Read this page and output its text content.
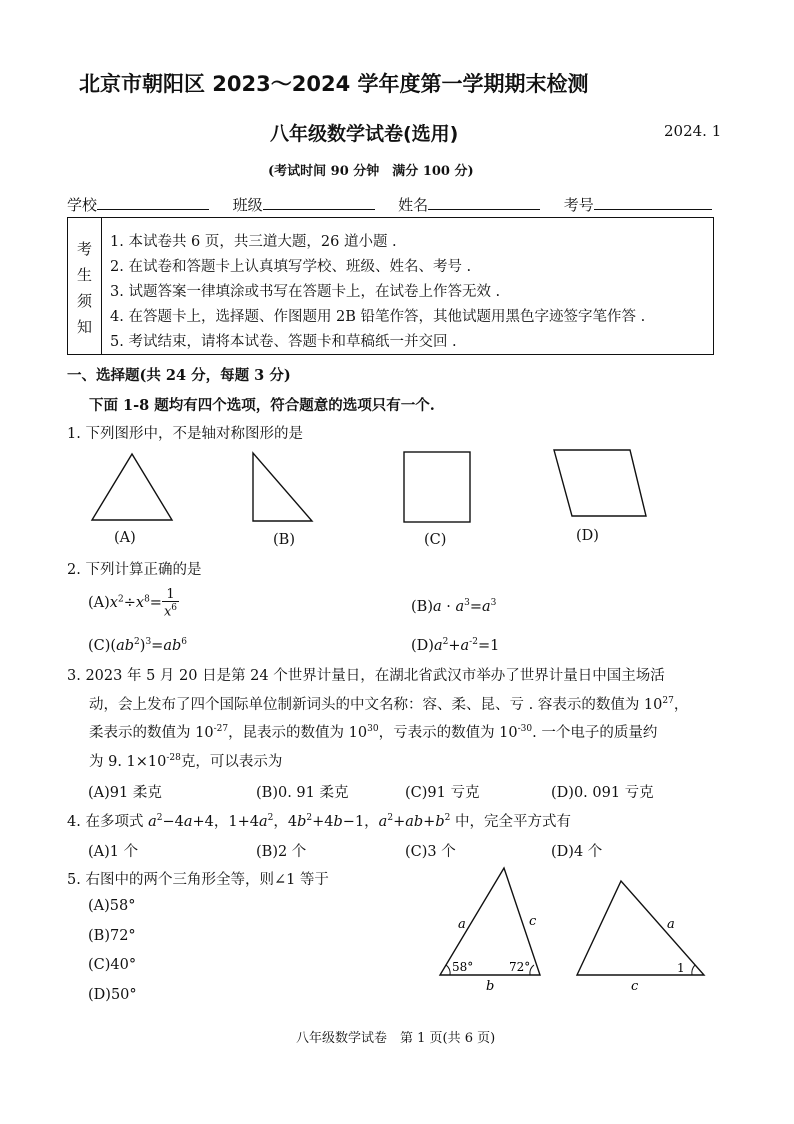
北京市朝阳区 2023～2024 学年度第一学期期末检测
八年级数学试卷(选用)	2024. 1
(考试时间 90 分钟　满分 100 分)
学校	班级	姓名	考号
考
生
须
知
1. 本试卷共 6 页，共三道大题，26 道小题 .
2. 在试卷和答题卡上认真填写学校、班级、姓名、考号 .
3. 试题答案一律填涂或书写在答题卡上，在试卷上作答无效 .
4. 在答题卡上，选择题、作图题用 2B 铅笔作答，其他试题用黑色字迹签字笔作答 .
5. 考试结束，请将本试卷、答题卡和草稿纸一并交回 .
一、选择题(共 24 分，每题 3 分)
下面 1-8 题均有四个选项，符合题意的选项只有一个.
1. 下列图形中，不是轴对称图形的是
(A)	(B)	(C)	(D)
2. 下列计算正确的是
$(A)x^2\div x^8= \frac{1}{x^6}$	$(B)a \cdot a^3=a^3$
$(C)(ab^2)^3=ab^6$	$(D)a^2+a^{-2}=1$
3. 2023 年 5 月 20 日是第 24 个世界计量日，在湖北省武汉市举办了世界计量日中国主场活
动，会上发布了四个国际单位制新词头的中文名称：容、柔、昆、亏 . 容表示的数值为 $10^{27}$，
柔表示的数值为 $10^{-27}$，昆表示的数值为 $10^{30}$，亏表示的数值为 $10^{-30}$. 一个电子的质量约
为 9. $1\times 10^{-28}$克，可以表示为
(A)91 柔克	(B)0. 91 柔克	(C)91 亏克	(D)0. 091 亏克
4. 在多项式 $a^2-4a+4$，$1+4a^2$，$4b^2+4b-1$，$a^2+ab+b^2$ 中，完全平方式有
(A)1 个	(B)2 个	(C)3 个	(D)4 个
5. 右图中的两个三角形全等，则∠1 等于
(A)58°
(B)72°
(C)40°
(D)50°
a	c
b
58°	72°
a
c
1
八年级数学试卷　第 1 页(共 6 页)
